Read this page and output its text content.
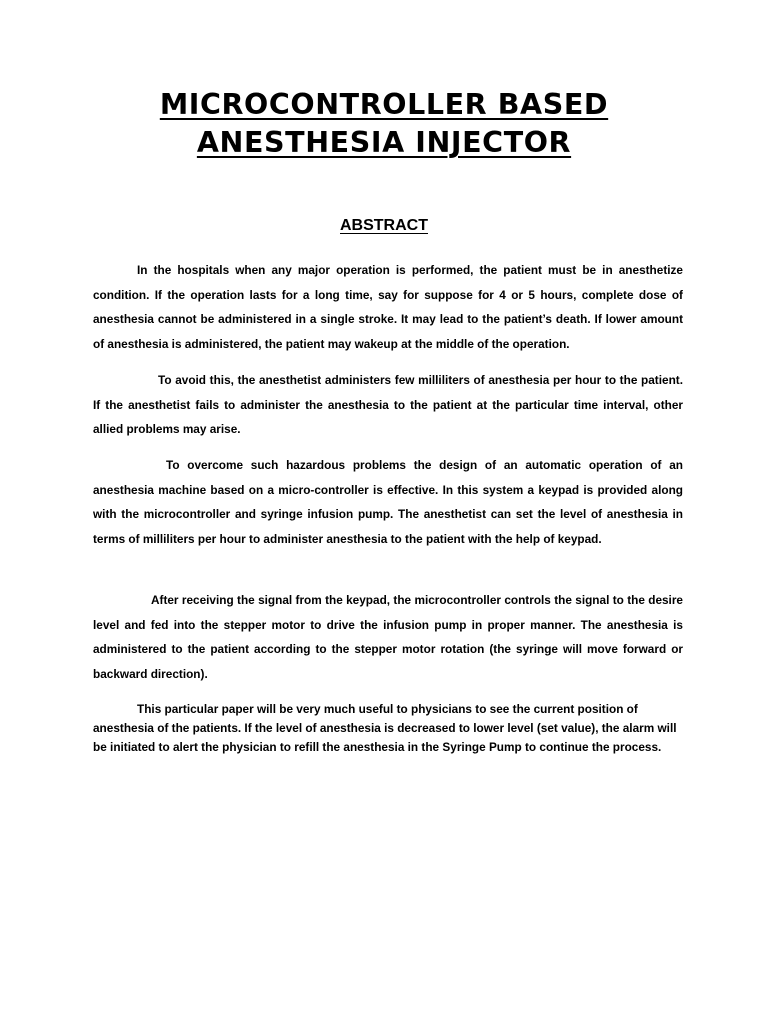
MICROCONTROLLER BASED
ANESTHESIA INJECTOR
ABSTRACT

In the hospitals when any major operation is performed, the patient must be in anesthetize condition. If the operation lasts for a long time, say for suppose for 4 or 5 hours, complete dose of anesthesia cannot be administered in a single stroke. It may lead to the patient’s death. If lower amount of anesthesia is administered, the patient may wakeup at the middle of the operation.

To avoid this, the anesthetist administers few milliliters of anesthesia per hour to the patient. If the anesthetist fails to administer the anesthesia to the patient at the particular time interval, other allied problems may arise.

To overcome such hazardous problems the design of an automatic operation of an anesthesia machine based on a micro-controller is effective. In this system a keypad is provided along with the microcontroller and syringe infusion pump. The anesthetist can set the level of anesthesia in terms of milliliters per hour to administer anesthesia to the patient with the help of keypad.

After receiving the signal from the keypad, the microcontroller controls the signal to the desire level and fed into the stepper motor to drive the infusion pump in proper manner. The anesthesia is administered to the patient according to the stepper motor rotation (the syringe will move forward or backward direction).

This particular paper will be very much useful to physicians to see the current position of anesthesia of the patients. If the level of anesthesia is decreased to lower level (set value), the alarm will be initiated to alert the physician to refill the anesthesia in the Syringe Pump to continue the process.
